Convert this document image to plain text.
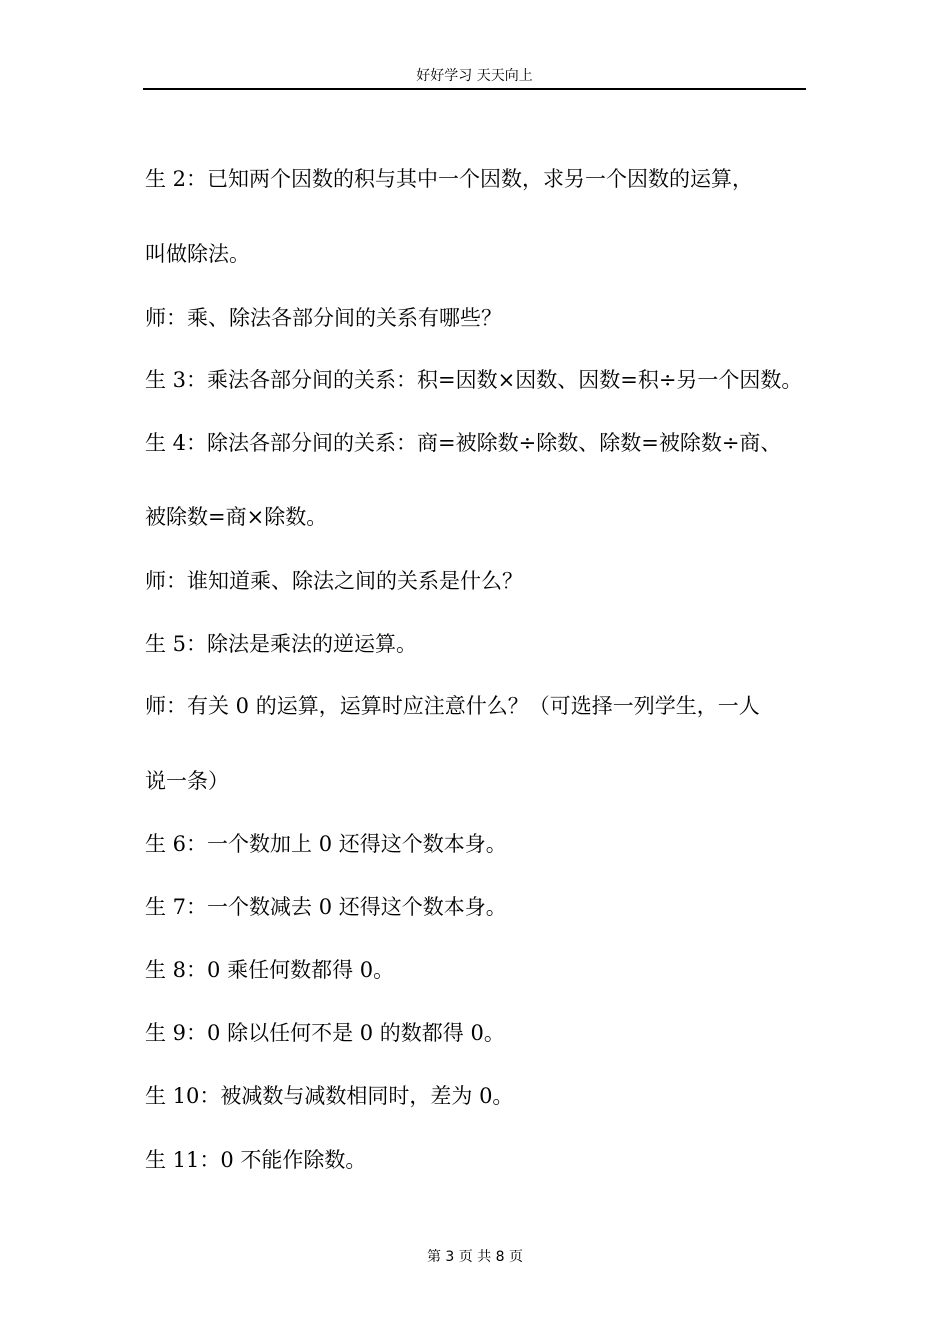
好好学习 天天向上
生 2：已知两个因数的积与其中一个因数，求另一个因数的运算，
叫做除法。
师：乘、除法各部分间的关系有哪些？
生 3：乘法各部分间的关系：积=因数×因数、因数=积÷另一个因数。
生 4：除法各部分间的关系：商=被除数÷除数、除数=被除数÷商、
被除数=商×除数。
师：谁知道乘、除法之间的关系是什么？
生 5：除法是乘法的逆运算。
师：有关 0 的运算，运算时应注意什么？（可选择一列学生，一人
说一条）
生 6：一个数加上 0 还得这个数本身。
生 7：一个数减去 0 还得这个数本身。
生 8：0 乘任何数都得 0。
生 9：0 除以任何不是 0 的数都得 0。
生 10：被减数与减数相同时，差为 0。
生 11：0 不能作除数。
第 3 页 共 8 页
